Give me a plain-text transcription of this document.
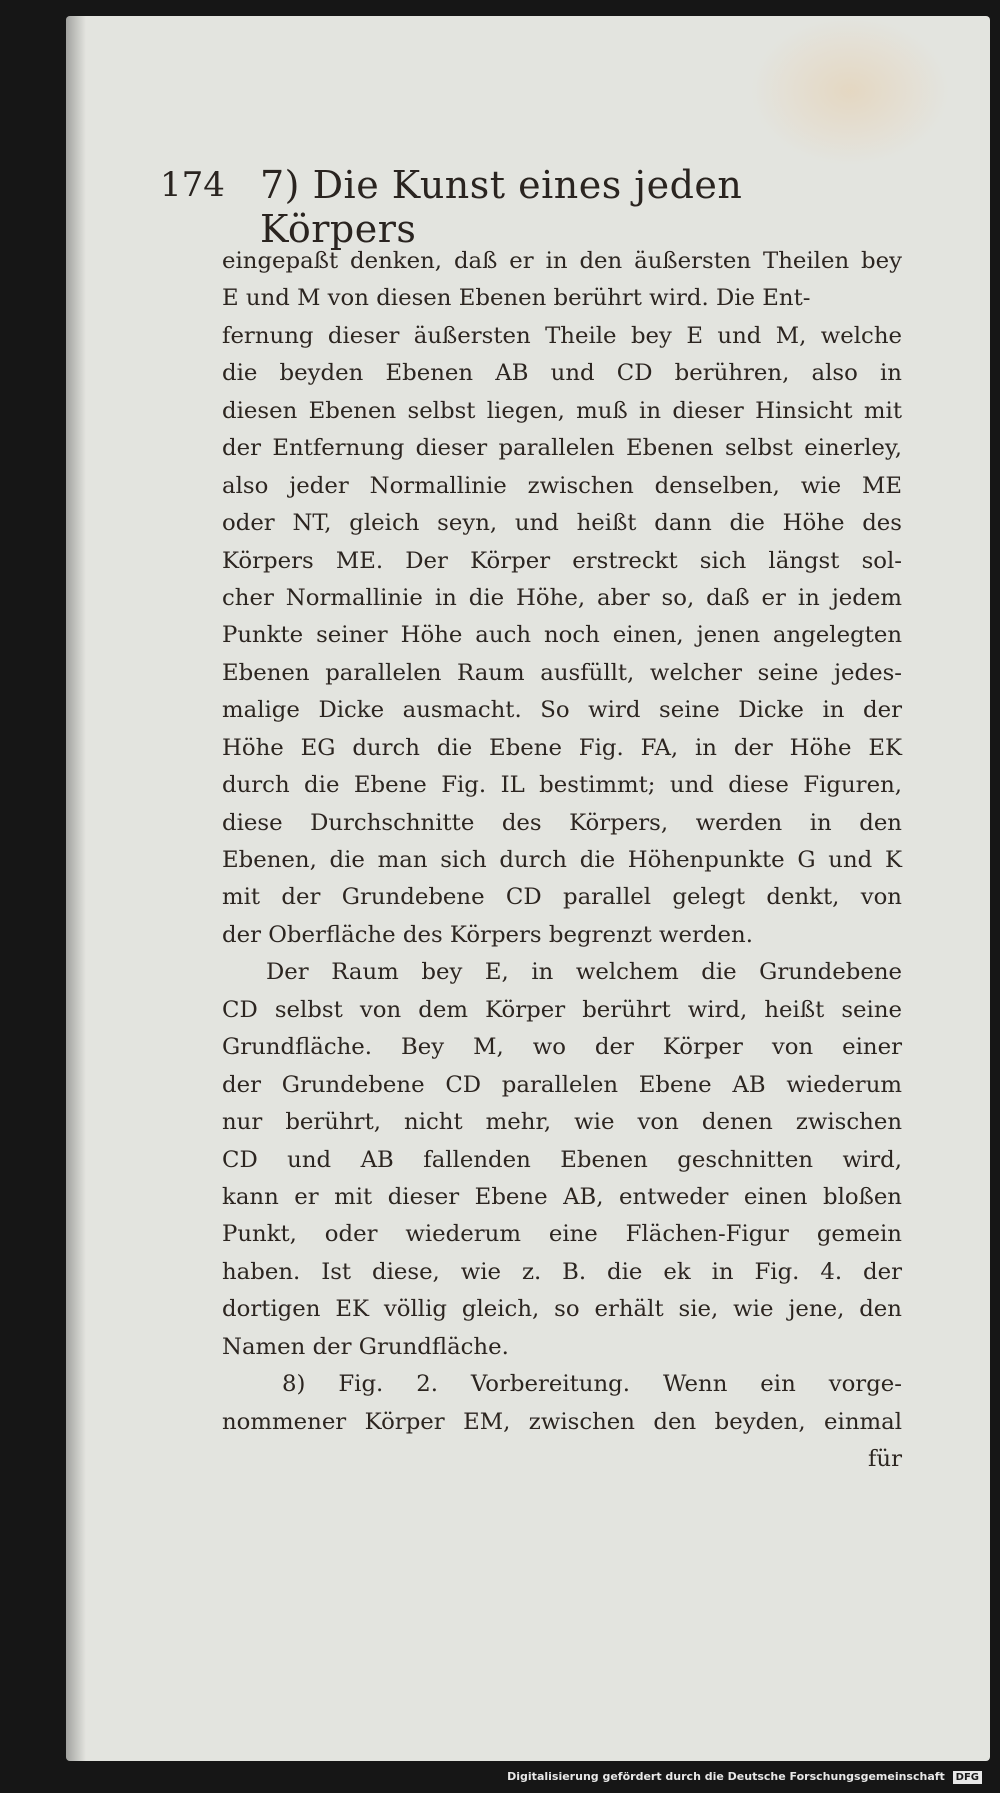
174 7) Die Kunst eines jeden Körpers
eingepaßt denken, daß er in den äußersten Theilen bey
E und M von diesen Ebenen berührt wird. Die Ent-
fernung dieser äußersten Theile bey E und M, welche
die beyden Ebenen AB und CD berühren, also in
diesen Ebenen selbst liegen, muß in dieser Hinsicht mit
der Entfernung dieser parallelen Ebenen selbst einerley,
also jeder Normallinie zwischen denselben, wie ME
oder NT, gleich seyn, und heißt dann die Höhe des
Körpers ME. Der Körper erstreckt sich längst sol-
cher Normallinie in die Höhe, aber so, daß er in jedem
Punkte seiner Höhe auch noch einen, jenen angelegten
Ebenen parallelen Raum ausfüllt, welcher seine jedes-
malige Dicke ausmacht. So wird seine Dicke in der
Höhe EG durch die Ebene Fig. FA, in der Höhe EK
durch die Ebene Fig. IL bestimmt; und diese Figuren,
diese Durchschnitte des Körpers, werden in den
Ebenen, die man sich durch die Höhenpunkte G und K
mit der Grundebene CD parallel gelegt denkt, von
der Oberfläche des Körpers begrenzt werden.
Der Raum bey E, in welchem die Grundebene
CD selbst von dem Körper berührt wird, heißt seine
Grundfläche. Bey M, wo der Körper von einer
der Grundebene CD parallelen Ebene AB wiederum
nur berührt, nicht mehr, wie von denen zwischen
CD und AB fallenden Ebenen geschnitten wird,
kann er mit dieser Ebene AB, entweder einen bloßen
Punkt, oder wiederum eine Flächen-Figur gemein
haben. Ist diese, wie z. B. die ek in Fig. 4. der
dortigen EK völlig gleich, so erhält sie, wie jene, den
Namen der Grundfläche.
8) Fig. 2. Vorbereitung. Wenn ein vorge-
nommener Körper EM, zwischen den beyden, einmal
für
Digitalisierung gefördert durch die Deutsche Forschungsgemeinschaft DFG
